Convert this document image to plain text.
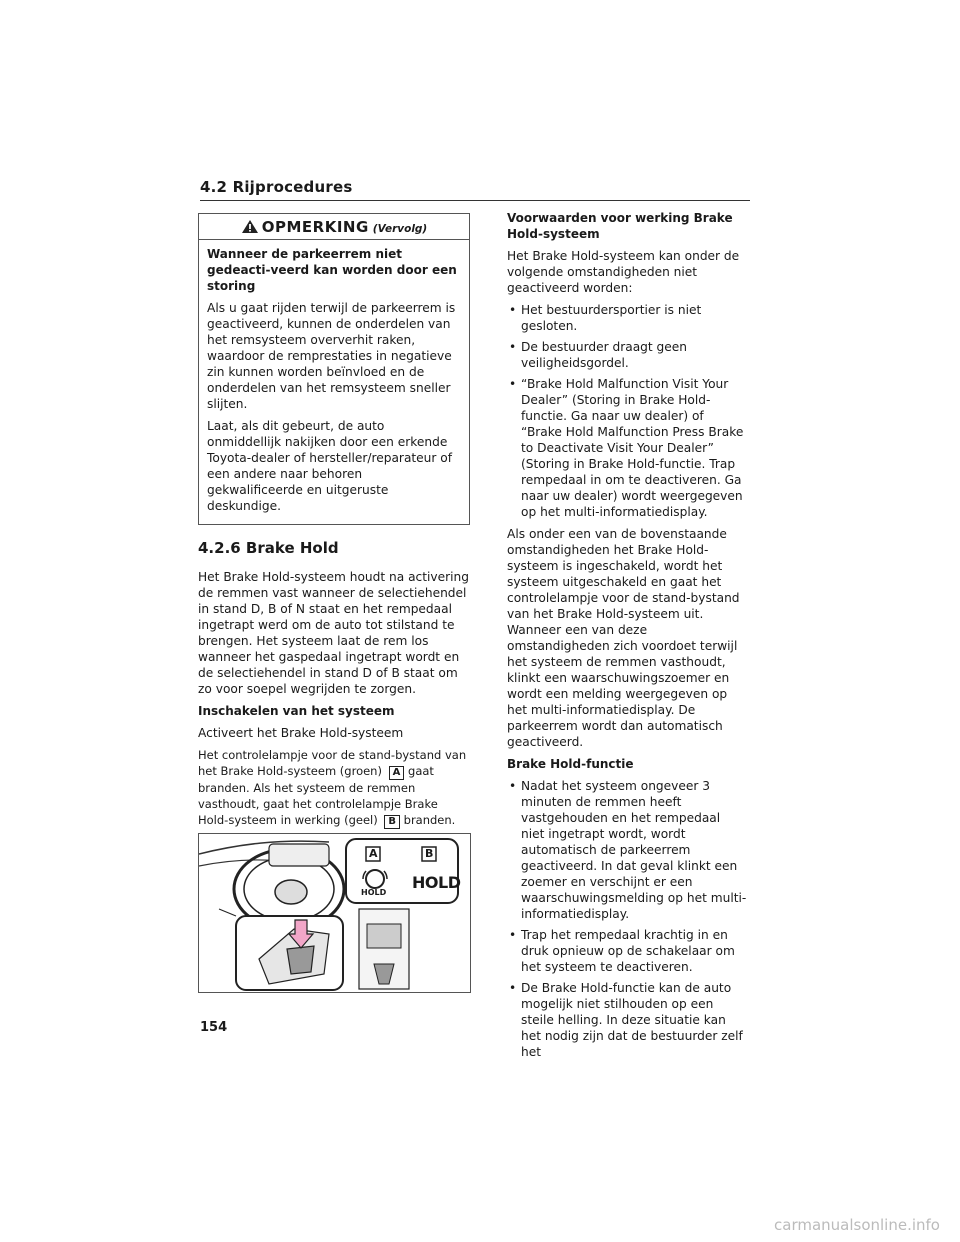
4.2 Rijprocedures
OPMERKING (Vervolg)
Wanneer de parkeerrem niet gedeacti-veerd kan worden door een storing

Als u gaat rijden terwijl de parkeerrem is geactiveerd, kunnen de onderdelen van het remsysteem oververhit raken, waardoor de remprestaties in negatieve zin kunnen worden beïnvloed en de onderdelen van het remsysteem sneller slijten.

Laat, als dit gebeurt, de auto onmiddellijk nakijken door een erkende Toyota-dealer of hersteller/reparateur of een andere naar behoren gekwalificeerde en uitgeruste deskundige.

4.2.6 Brake Hold

Het Brake Hold-systeem houdt na activering de remmen vast wanneer de selectiehendel in stand D, B of N staat en het rempedaal ingetrapt werd om de auto tot stilstand te brengen. Het systeem laat de rem los wanneer het gaspedaal ingetrapt wordt en de selectiehendel in stand D of B staat om zo voor soepel wegrijden te zorgen.

Inschakelen van het systeem

Activeert het Brake Hold-systeem

Het controlelampje voor de stand-bystand van het Brake Hold-systeem (groen) A gaat branden. Als het systeem de remmen vasthoudt, gaat het controlelampje Brake Hold-systeem in werking (geel) B branden.

A	B
HOLD
HOLD
Voorwaarden voor werking Brake Hold-systeem

Het Brake Hold-systeem kan onder de volgende omstandigheden niet geactiveerd worden:

• Het bestuurdersportier is niet gesloten.
• De bestuurder draagt geen veiligheidsgordel.
• “Brake Hold Malfunction Visit Your Dealer” (Storing in Brake Hold-functie. Ga naar uw dealer) of “Brake Hold Malfunction Press Brake to Deactivate Visit Your Dealer” (Storing in Brake Hold-functie. Trap rempedaal in om te deactiveren. Ga naar uw dealer) wordt weergegeven op het multi-informatiedisplay.

Als onder een van de bovenstaande omstandigheden het Brake Hold-systeem is ingeschakeld, wordt het systeem uitgeschakeld en gaat het controlelampje voor de stand-bystand van het Brake Hold-systeem uit. Wanneer een van deze omstandigheden zich voordoet terwijl het systeem de remmen vasthoudt, klinkt een waarschuwingszoemer en wordt een melding weergegeven op het multi-informatiedisplay. De parkeerrem wordt dan automatisch geactiveerd.

Brake Hold-functie
• Nadat het systeem ongeveer 3 minuten de remmen heeft vastgehouden en het rempedaal niet ingetrapt wordt, wordt automatisch de parkeerrem geactiveerd. In dat geval klinkt een zoemer en verschijnt er een waarschuwingsmelding op het multi-informatiedisplay.
• Trap het rempedaal krachtig in en druk opnieuw op de schakelaar om het systeem te deactiveren.
• De Brake Hold-functie kan de auto mogelijk niet stilhouden op een steile helling. In deze situatie kan het nodig zijn dat de bestuurder zelf het
154
carmanualsonline.info
